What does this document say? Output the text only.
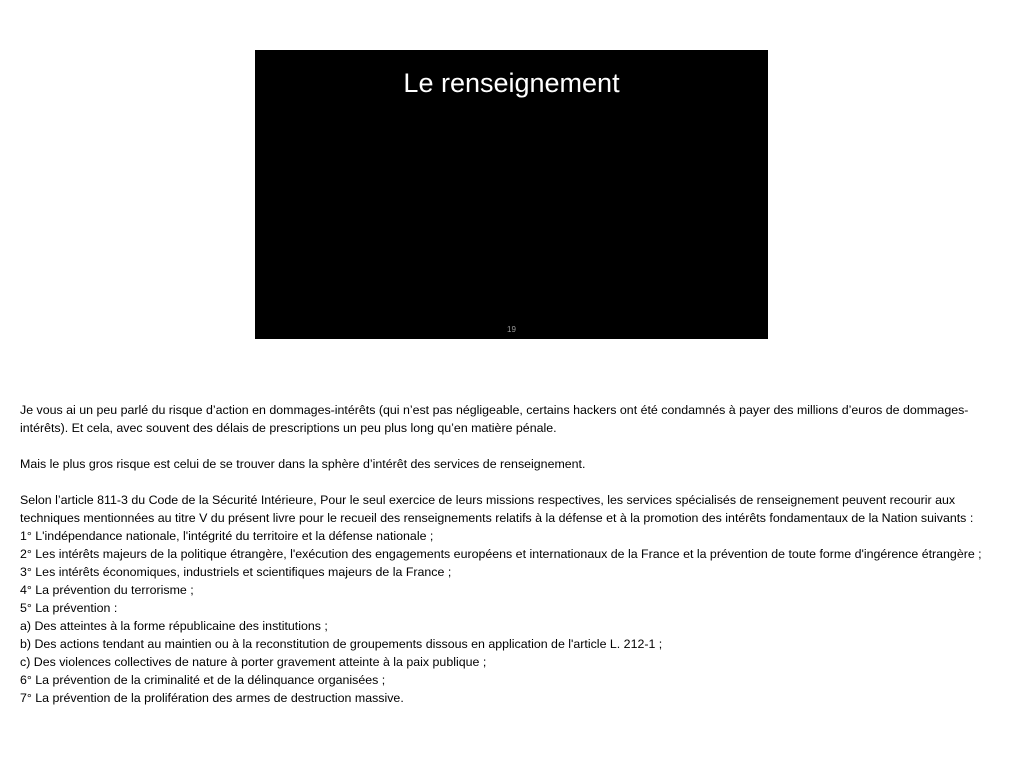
Le renseignement
19

Je vous ai un peu parlé du risque d’action en dommages-intérêts (qui n’est pas négligeable, certains hackers ont été condamnés à payer des millions d’euros de dommages-intérêts). Et cela, avec souvent des délais de prescriptions un peu plus long qu’en matière pénale.

Mais le plus gros risque est celui de se trouver dans la sphère d’intérêt des services de renseignement.

Selon l’article 811-3 du Code de la Sécurité Intérieure, Pour le seul exercice de leurs missions respectives, les services spécialisés de renseignement peuvent recourir aux techniques mentionnées au titre V du présent livre pour le recueil des renseignements relatifs à la défense et à la promotion des intérêts fondamentaux de la Nation suivants :

1° L'indépendance nationale, l'intégrité du territoire et la défense nationale ;

2° Les intérêts majeurs de la politique étrangère, l'exécution des engagements européens et internationaux de la France et la prévention de toute forme d'ingérence étrangère ;

3° Les intérêts économiques, industriels et scientifiques majeurs de la France ;

4° La prévention du terrorisme ;

5° La prévention :

a) Des atteintes à la forme républicaine des institutions ;

b) Des actions tendant au maintien ou à la reconstitution de groupements dissous en application de l'article L. 212-1 ;

c) Des violences collectives de nature à porter gravement atteinte à la paix publique ;

6° La prévention de la criminalité et de la délinquance organisées ;

7° La prévention de la prolifération des armes de destruction massive.
